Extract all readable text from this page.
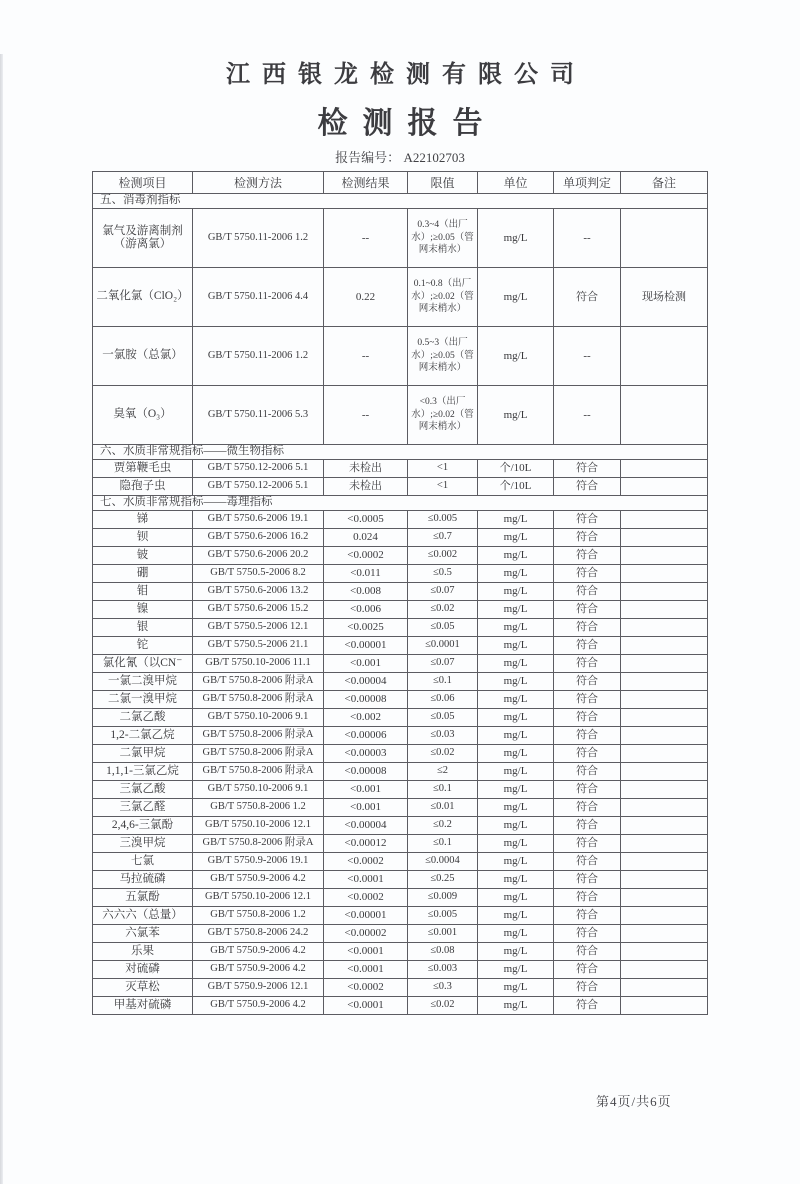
江西银龙检测有限公司
检测报告
报告编号： A22102703
检测项目	检测方法	检测结果	限值	单位	单项判定	备注
五、消毒剂指标						
氯气及游离制剂（游离氯）	GB/T 5750.11-2006 1.2	--	0.3~4（出厂水）;≥0.05（管网末梢水）	mg/L	--	
二氧化氯（ClO₂）	GB/T 5750.11-2006 4.4	0.22	0.1~0.8（出厂水）;≥0.02（管网末梢水）	mg/L	符合	现场检测
一氯胺（总氯）	GB/T 5750.11-2006 1.2	--	0.5~3（出厂水）;≥0.05（管网末梢水）	mg/L	--	
臭氧（O₃）	GB/T 5750.11-2006 5.3	--	<0.3（出厂水）;≥0.02（管网末梢水）	mg/L	--	
六、水质非常规指标——微生物指标						
贾第鞭毛虫	GB/T 5750.12-2006 5.1	未检出	<1	个/10L	符合	
隐孢子虫	GB/T 5750.12-2006 5.1	未检出	<1	个/10L	符合	
七、水质非常规指标——毒理指标						
锑	GB/T 5750.6-2006 19.1	<0.0005	≤0.005	mg/L	符合	
钡	GB/T 5750.6-2006 16.2	0.024	≤0.7	mg/L	符合	
铍	GB/T 5750.6-2006 20.2	<0.0002	≤0.002	mg/L	符合	
硼	GB/T 5750.5-2006 8.2	<0.011	≤0.5	mg/L	符合	
钼	GB/T 5750.6-2006 13.2	<0.008	≤0.07	mg/L	符合	
镍	GB/T 5750.6-2006 15.2	<0.006	≤0.02	mg/L	符合	
银	GB/T 5750.5-2006 12.1	<0.0025	≤0.05	mg/L	符合	
铊	GB/T 5750.5-2006 21.1	<0.00001	≤0.0001	mg/L	符合	
氯化氰（以CN⁻	GB/T 5750.10-2006 11.1	<0.001	≤0.07	mg/L	符合	
一氯二溴甲烷	GB/T 5750.8-2006 附录A	<0.00004	≤0.1	mg/L	符合	
二氯一溴甲烷	GB/T 5750.8-2006 附录A	<0.00008	≤0.06	mg/L	符合	
二氯乙酸	GB/T 5750.10-2006 9.1	<0.002	≤0.05	mg/L	符合	
1,2-二氯乙烷	GB/T 5750.8-2006 附录A	<0.00006	≤0.03	mg/L	符合	
二氯甲烷	GB/T 5750.8-2006 附录A	<0.00003	≤0.02	mg/L	符合	
1,1,1-三氯乙烷	GB/T 5750.8-2006 附录A	<0.00008	≤2	mg/L	符合	
三氯乙酸	GB/T 5750.10-2006 9.1	<0.001	≤0.1	mg/L	符合	
三氯乙醛	GB/T 5750.8-2006 1.2	<0.001	≤0.01	mg/L	符合	
2,4,6-三氯酚	GB/T 5750.10-2006 12.1	<0.00004	≤0.2	mg/L	符合	
三溴甲烷	GB/T 5750.8-2006 附录A	<0.00012	≤0.1	mg/L	符合	
七氯	GB/T 5750.9-2006 19.1	<0.0002	≤0.0004	mg/L	符合	
马拉硫磷	GB/T 5750.9-2006 4.2	<0.0001	≤0.25	mg/L	符合	
五氯酚	GB/T 5750.10-2006 12.1	<0.0002	≤0.009	mg/L	符合	
六六六（总量）	GB/T 5750.8-2006 1.2	<0.00001	≤0.005	mg/L	符合	
六氯苯	GB/T 5750.8-2006 24.2	<0.00002	≤0.001	mg/L	符合	
乐果	GB/T 5750.9-2006 4.2	<0.0001	≤0.08	mg/L	符合	
对硫磷	GB/T 5750.9-2006 4.2	<0.0001	≤0.003	mg/L	符合	
灭草松	GB/T 5750.9-2006 12.1	<0.0002	≤0.3	mg/L	符合	
甲基对硫磷	GB/T 5750.9-2006 4.2	<0.0001	≤0.02	mg/L	符合	
第4页/共6页
